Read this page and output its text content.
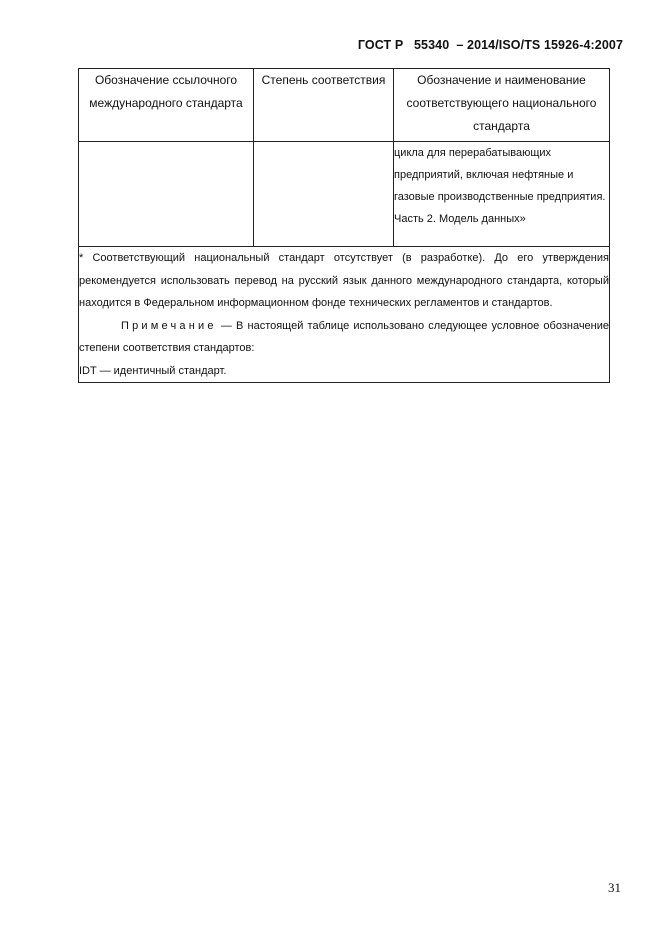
ГОСТ Р   55340  – 2014/ISO/TS 15926-4:2007
Обозначение ссылочного международного стандарта	Степень соответствия	Обозначение и наименование соответствующего национального стандарта
		цикла для перерабатывающих предприятий, включая нефтяные и газовые производственные предприятия. Часть 2. Модель данных»

* Соответствующий национальный стандарт отсутствует (в разработке). До его утверждения рекомендуется использовать перевод на русский язык данного международного стандарта, который находится в Федеральном информационном фонде технических регламентов и стандартов.
Примечание — В настоящей таблице использовано следующее условное обозначение степени соответствия стандартов:
IDT — идентичный стандарт.		
31
